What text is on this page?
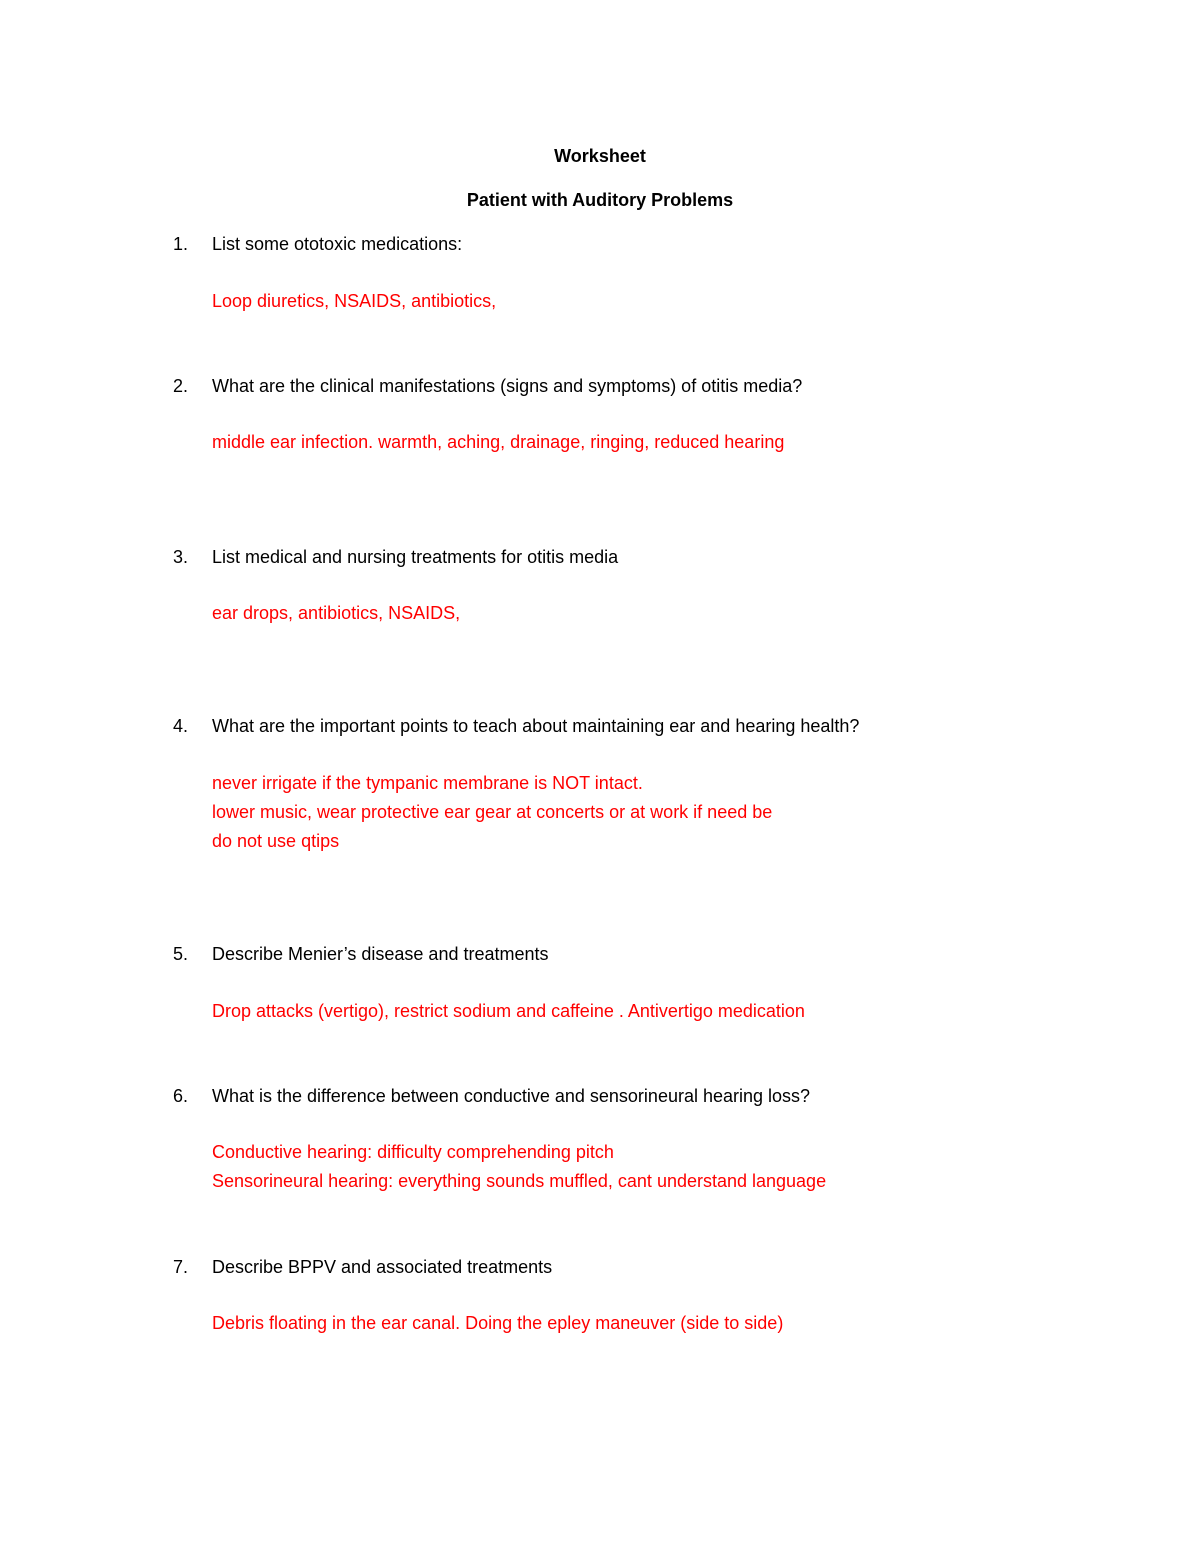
Worksheet
Patient with Auditory Problems
1.	List some ototoxic medications:
Loop diuretics, NSAIDS, antibiotics,
2.	What are the clinical manifestations (signs and symptoms) of otitis media?
middle ear infection. warmth, aching, drainage, ringing, reduced hearing
3.	List medical and nursing treatments for otitis media
ear drops, antibiotics, NSAIDS,
4.	What are the important points to teach about maintaining ear and hearing health?
never irrigate if the tympanic membrane is NOT intact.
lower music, wear protective ear gear at concerts or at work if need be
do not use qtips
5.	Describe Menier’s disease and treatments
Drop attacks (vertigo), restrict sodium and caffeine . Antivertigo medication
6.	What is the difference between conductive and sensorineural hearing loss?
Conductive hearing: difficulty comprehending pitch
Sensorineural hearing: everything sounds muffled, cant understand language
7.	Describe BPPV and associated treatments
Debris floating in the ear canal. Doing the epley maneuver (side to side)
